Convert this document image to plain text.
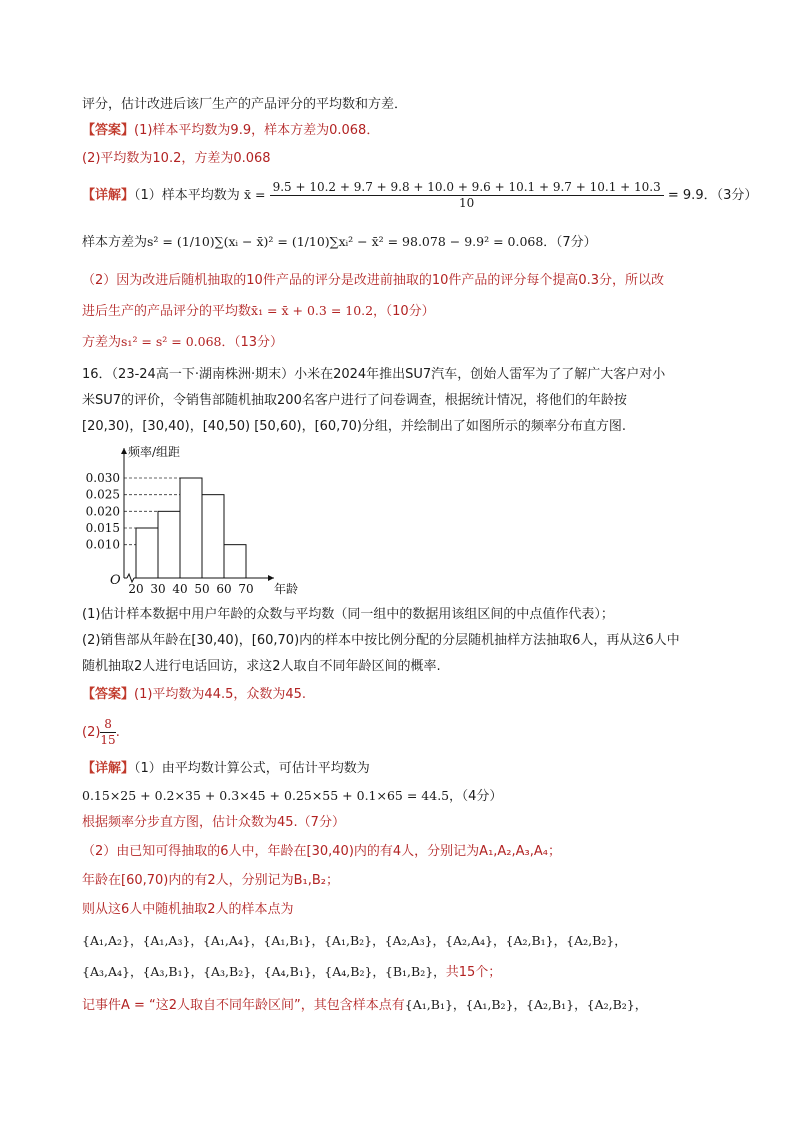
评分，估计改进后该厂生产的产品评分的平均数和方差．
【答案】(1)样本平均数为9.9，样本方差为0.068．
(2)平均数为10.2，方差为0.068
【详解】（1）样本平均数为 x̄ = 9.5 + 10.2 + 9.7 + 9.8 + 10.0 + 9.6 + 10.1 + 9.7 + 10.1 + 10.3
10	= 9.9．（3分）
样本方差为s² = (1/10)∑(xᵢ − x̄)² = (1/10)∑xᵢ² − x̄² = 98.078 − 9.9² = 0.068．（7分）
（2）因为改进后随机抽取的10件产品的评分是改进前抽取的10件产品的评分每个提高0.3分，所以改
进后生产的产品评分的平均数x̄₁ = x̄ + 0.3 = 10.2，（10分）
方差为s₁² = s² = 0.068．（13分）
16．（23-24高一下·湖南株洲·期末）小米在2024年推出SU7汽车，创始人雷军为了了解广大客户对小
米SU7的评价，令销售部随机抽取200名客户进行了问卷调查，根据统计情况，将他们的年龄按
[20,30)，[30,40)，[40,50) [50,60)，[60,70)分组，并绘制出了如图所示的频率分布直方图.
0.010
0.015
0.020
0.025
0.030
20 30 40 50 60 70
O
频率/组距
年龄
(1)估计样本数据中用户年龄的众数与平均数（同一组中的数据用该组区间的中点值作代表）；
(2)销售部从年龄在[30,40)，[60,70)内的样本中按比例分配的分层随机抽样方法抽取6人，再从这6人中
随机抽取2人进行电话回访，求这2人取自不同年龄区间的概率.
【答案】(1)平均数为44.5，众数为45.
$(2) \frac{8}{15}$ .
【详解】（1）由平均数计算公式，可估计平均数为
0.15×25 + 0.2×35 + 0.3×45 + 0.25×55 + 0.1×65 = 44.5，（4分）
根据频率分步直方图，估计众数为45.（7分）
（2）由已知可得抽取的6人中，年龄在[30,40)内的有4人，分别记为A₁,A₂,A₃,A₄；
年龄在[60,70)内的有2人，分别记为B₁,B₂；
则从这6人中随机抽取2人的样本点为
{A₁,A₂}，{A₁,A₃}，{A₁,A₄}，{A₁,B₁}，{A₁,B₂}，{A₂,A₃}，{A₂,A₄}，{A₂,B₁}，{A₂,B₂}，
{A₃,A₄}，{A₃,B₁}，{A₃,B₂}，{A₄,B₁}，{A₄,B₂}，{B₁,B₂}，共15个；
记事件A = “这2人取自不同年龄区间”，其包含样本点有{A₁,B₁}，{A₁,B₂}，{A₂,B₁}，{A₂,B₂}，
